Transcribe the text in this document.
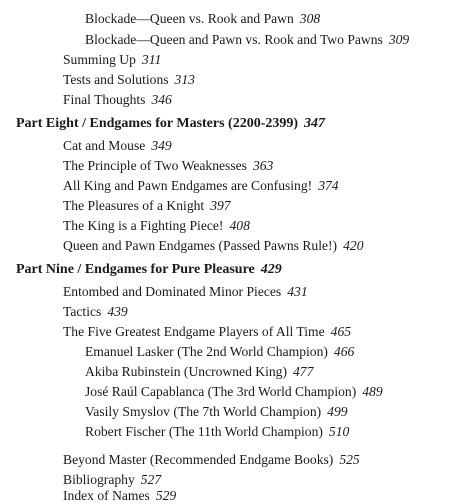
Blockade—Queen vs. Rook and Pawn 308
Blockade—Queen and Pawn vs. Rook and Two Pawns 309
Summing Up 311
Tests and Solutions 313
Final Thoughts 346
Part Eight / Endgames for Masters (2200-2399) 347
Cat and Mouse 349
The Principle of Two Weaknesses 363
All King and Pawn Endgames are Confusing! 374
The Pleasures of a Knight 397
The King is a Fighting Piece! 408
Queen and Pawn Endgames (Passed Pawns Rule!) 420
Part Nine / Endgames for Pure Pleasure 429
Entombed and Dominated Minor Pieces 431
Tactics 439
The Five Greatest Endgame Players of All Time 465
Emanuel Lasker (The 2nd World Champion) 466
Akiba Rubinstein (Uncrowned King) 477
José Raúl Capablanca (The 3rd World Champion) 489
Vasily Smyslov (The 7th World Champion) 499
Robert Fischer (The 11th World Champion) 510
Beyond Master (Recommended Endgame Books) 525
Bibliography 527
Index of Names 529
